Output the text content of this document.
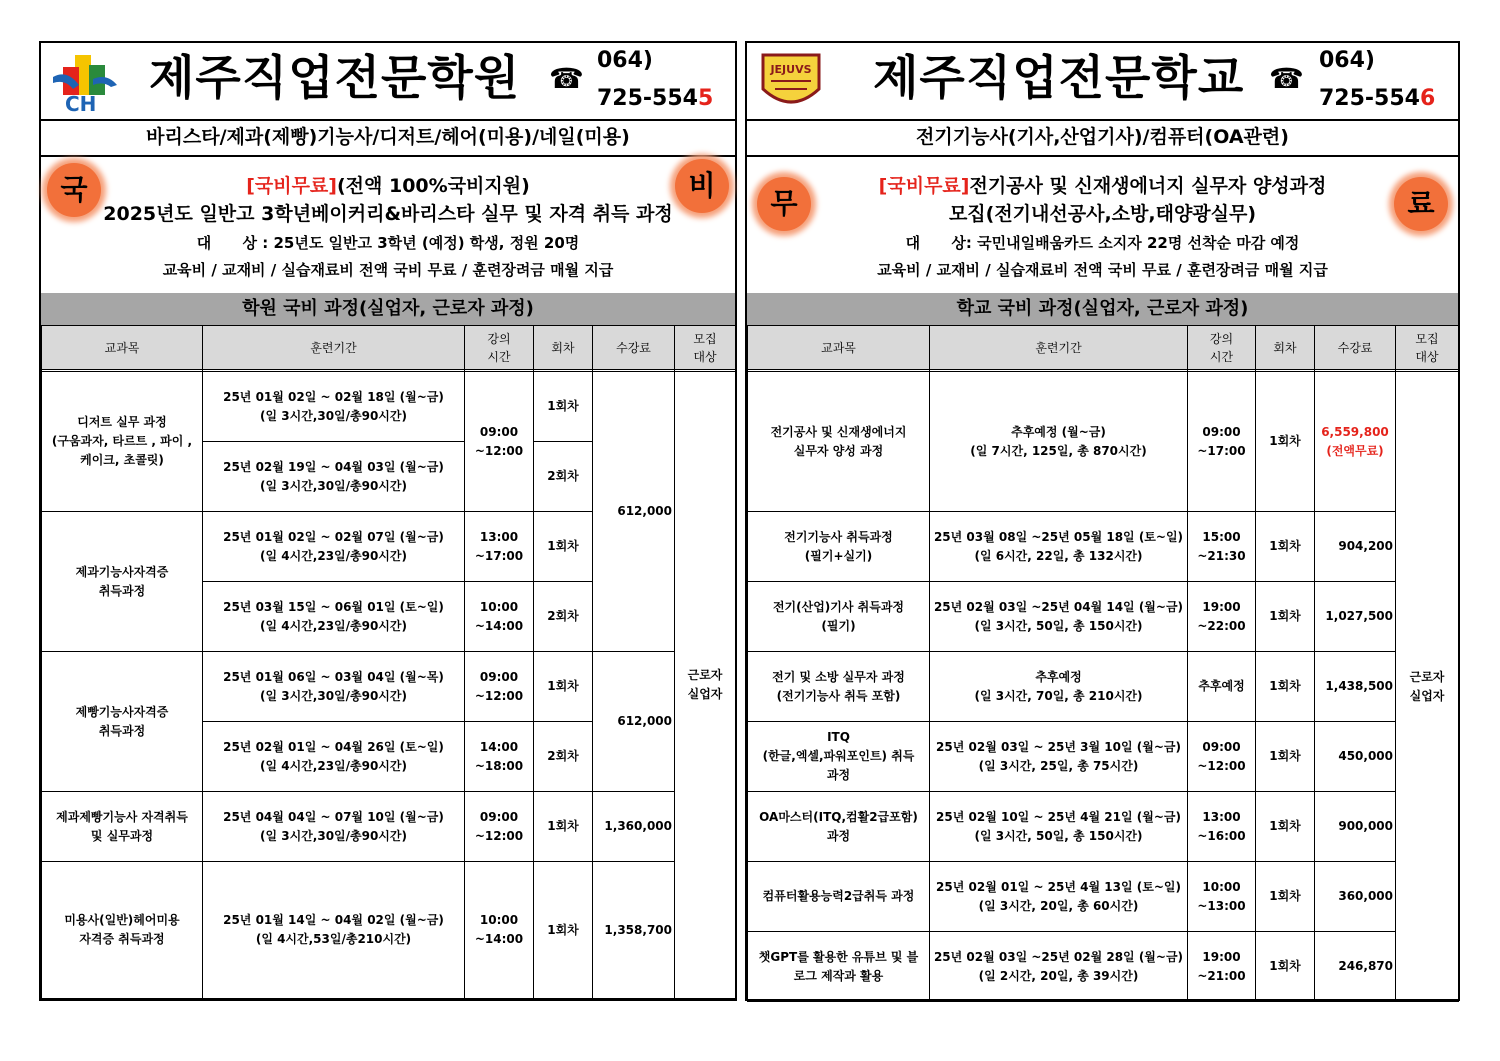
CH 제주직업전문학원 ☎
064)
725-5545
바리스타/제과(제빵)기능사/디저트/헤어(미용)/네일(미용)
국	비
[국비무료](전액 100%국비지원)
2025년도 일반고 3학년베이커리&바리스타 실무 및 자격 취득 과정
대      상 : 25년도 일반고 3학년 (예정) 학생, 정원 20명
교육비 / 교재비 / 실습재료비 전액 국비 무료 / 훈련장려금 매월 지급
학원 국비 과정(실업자, 근로자 과정)
교과목	훈련기간	강의
시간	회차	수강료	모집
대상

디저트 실무 과정
(구움과자, 타르트 , 파이 ,
케이크, 초콜릿)	25년 01월 02일 ~ 02월 18일 (월~금)
(일 3시간,30일/총90시간)	09:00
~12:00	1회차	612,000	근로자
실업자
	25년 02월 19일 ~ 04월 03일 (월~금)
(일 3시간,30일/총90시간)		2회차		
제과기능사자격증
취득과정	25년 01월 02일 ~ 02월 07일 (월~금)
(일 4시간,23일/총90시간)	13:00
~17:00	1회차		
	25년 03월 15일 ~ 06월 01일 (토~일)
(일 4시간,23일/총90시간)	10:00
~14:00	2회차		
제빵기능사자격증
취득과정	25년 01월 06일 ~ 03월 04일 (월~목)
(일 3시간,30일/총90시간)	09:00
~12:00	1회차	612,000	
	25년 02월 01일 ~ 04월 26일 (토~일)
(일 4시간,23일/총90시간)	14:00
~18:00	2회차		
제과제빵기능사 자격취득
및 실무과정	25년 04월 04일 ~ 07월 10일 (월~금)
(일 3시간,30일/총90시간)	09:00
~12:00	1회차	1,360,000	
미용사(일반)헤어미용
자격증 취득과정	25년 01월 14일 ~ 04월 02일 (월~금)
(일 4시간,53일/총210시간)	10:00
~14:00	1회차	1,358,700	
JEJUVS 제주직업전문학교 ☎
064)
725-5546
전기기능사(기사,산업기사)/컴퓨터(OA관련)
무	료
[국비무료]전기공사 및 신재생에너지 실무자 양성과정
모집(전기내선공사,소방,태양광실무)
대      상: 국민내일배움카드 소지자 22명 선착순 마감 예정
교육비 / 교재비 / 실습재료비 전액 국비 무료 / 훈련장려금 매월 지급
학교 국비 과정(실업자, 근로자 과정)
교과목	훈련기간	강의
시간	회차	수강료	모집
대상

전기공사 및 신재생에너지
실무자 양성 과정	추후예정 (월~금)
(일 7시간, 125일, 총 870시간)	09:00
~17:00	1회차	6,559,800
(전액무료)	근로자
실업자
전기기능사 취득과정
(필기+실기)	25년 03월 08일 ~25년 05월 18일 (토~일)
(일 6시간, 22일, 총 132시간)	15:00
~21:30	1회차	904,200	
전기(산업)기사 취득과정
(필기)	25년 02월 03일 ~25년 04월 14일 (월~금)
(일 3시간, 50일, 총 150시간)	19:00
~22:00	1회차	1,027,500	
전기 및 소방 실무자 과정
(전기기능사 취득 포함)	추후예정
(일 3시간, 70일, 총 210시간)	추후예정	1회차	1,438,500	
ITQ
(한글,엑셀,파워포인트) 취득
과정	25년 02월 03일 ~ 25년 3월 10일 (월~금)
(일 3시간, 25일, 총 75시간)	09:00
~12:00	1회차	450,000	
OA마스터(ITQ,컴활2급포함)
과정	25년 02월 10일 ~ 25년 4월 21일 (월~금)
(일 3시간, 50일, 총 150시간)	13:00
~16:00	1회차	900,000	
컴퓨터활용능력2급취득 과정	25년 02월 01일 ~ 25년 4월 13일 (토~일)
(일 3시간, 20일, 총 60시간)	10:00
~13:00	1회차	360,000	
챗GPT를 활용한 유튜브 및 블
로그 제작과 활용	25년 02월 03일 ~25년 02월 28일 (월~금)
(일 2시간, 20일, 총 39시간)	19:00
~21:00	1회차	246,870	
